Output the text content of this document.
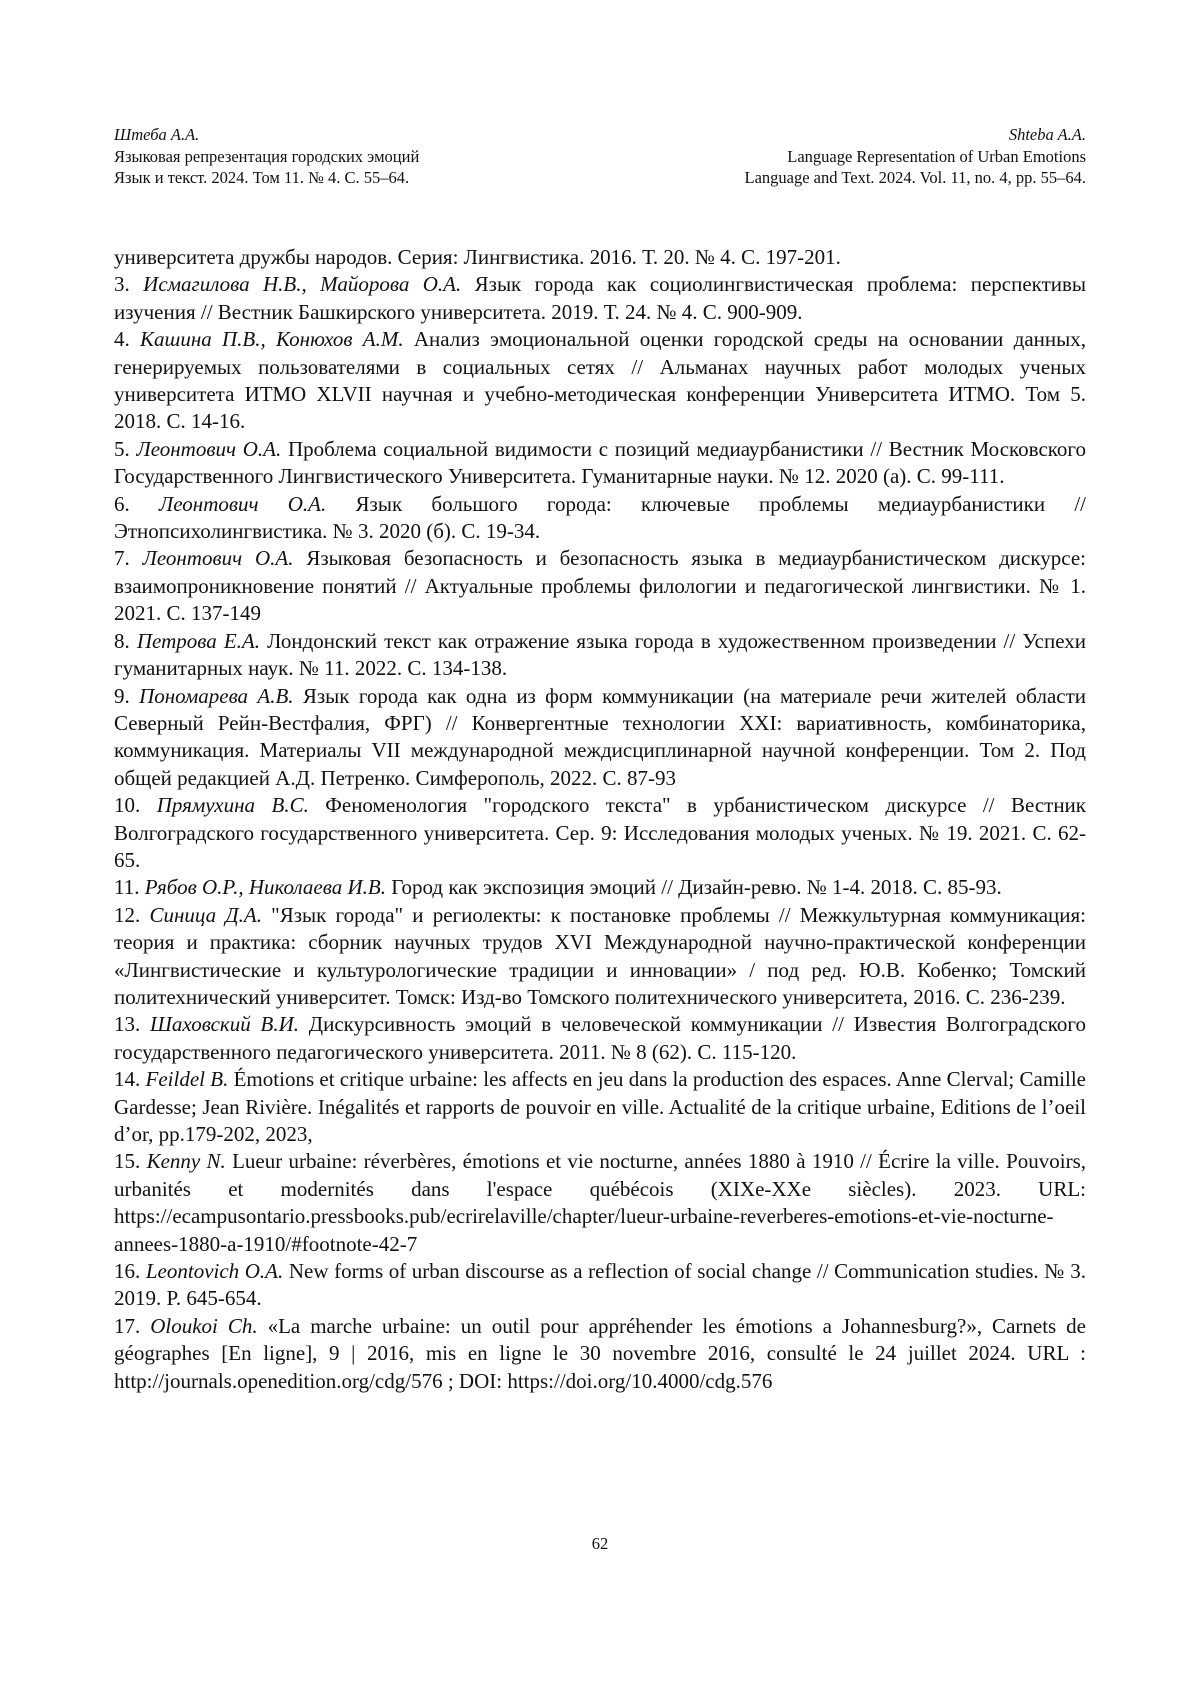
Штеба А.А.
Языковая репрезентация городских эмоций
Язык и текст. 2024. Том 11. № 4. С. 55–64.
Shteba A.A.
Language Representation of Urban Emotions
Language and Text. 2024. Vol. 11, no. 4, pp. 55–64.

университета дружбы народов. Серия: Лингвистика. 2016. Т. 20. № 4. С. 197-201.

3. Исмагилова Н.В., Майорова О.А. Язык города как социолингвистическая проблема: перспективы изучения // Вестник Башкирского университета. 2019. Т. 24. № 4. С. 900-909.

4. Кашина П.В., Конюхов А.М. Анализ эмоциональной оценки городской среды на основании данных, генерируемых пользователями в социальных сетях // Альманах научных работ молодых ученых университета ИТМО XLVII научная и учебно-методическая конференции Университета ИТМО. Том 5. 2018. С. 14-16.

5. Леонтович О.А. Проблема социальной видимости с позиций медиаурбанистики // Вестник Московского Государственного Лингвистического Университета. Гуманитарные науки. № 12. 2020 (а). С. 99-111.

6. Леонтович О.А. Язык большого города: ключевые проблемы медиаурбанистики // Этнопсихолингвистика. № 3. 2020 (б). С. 19-34.

7. Леонтович О.А. Языковая безопасность и безопасность языка в медиаурбанистическом дискурсе: взаимопроникновение понятий // Актуальные проблемы филологии и педагогической лингвистики. № 1. 2021. С. 137-149

8. Петрова Е.А. Лондонский текст как отражение языка города в художественном произведении // Успехи гуманитарных наук. № 11. 2022. С. 134-138.

9. Пономарева А.В. Язык города как одна из форм коммуникации (на материале речи жителей области Северный Рейн-Вестфалия, ФРГ) // Конвергентные технологии XXI: вариативность, комбинаторика, коммуникация. Материалы VII международной междисциплинарной научной конференции. Том 2. Под общей редакцией А.Д. Петренко. Симферополь, 2022. С. 87-93

10. Прямухина В.С. Феноменология "городского текста" в урбанистическом дискурсе // Вестник Волгоградского государственного университета. Сер. 9: Исследования молодых ученых. № 19. 2021. С. 62-65.

11. Рябов О.Р., Николаева И.В. Город как экспозиция эмоций // Дизайн-ревю. № 1-4. 2018. С. 85-93.

12. Синица Д.А. "Язык города" и региолекты: к постановке проблемы // Межкультурная коммуникация: теория и практика: сборник научных трудов XVI Международной научно-практической конференции «Лингвистические и культурологические традиции и инновации» / под ред. Ю.В. Кобенко; Томский политехнический университет. Томск: Изд-во Томского политехнического университета, 2016. С. 236-239.

13. Шаховский В.И. Дискурсивность эмоций в человеческой коммуникации // Известия Волгоградского государственного педагогического университета. 2011. № 8 (62). С. 115-120.

14. Feildel B. Émotions et critique urbaine: les affects en jeu dans la production des espaces. Anne Clerval; Camille Gardesse; Jean Rivière. Inégalités et rapports de pouvoir en ville. Actualité de la critique urbaine, Editions de l’oeil d’or, pp.179-202, 2023,

15. Kenny N. Lueur urbaine: réverbères, émotions et vie nocturne, années 1880 à 1910 // Écrire la ville. Pouvoirs, urbanités et modernités dans l'espace québécois (XIXe-XXe siècles). 2023. URL: https://ecampusontario.pressbooks.pub/ecrirelaville/chapter/lueur-urbaine-reverberes-emotions-et-vie-nocturne-annees-1880-a-1910/#footnote-42-7

16. Leontovich O.A. New forms of urban discourse as a reflection of social change // Communication studies. № 3. 2019. P. 645-654.

17. Oloukoi Ch. «La marche urbaine: un outil pour appréhender les émotions a Johannesburg?», Carnets de géographes [En ligne], 9 | 2016, mis en ligne le 30 novembre 2016, consulté le 24 juillet 2024. URL : http://journals.openedition.org/cdg/576 ; DOI: https://doi.org/10.4000/cdg.576

62
